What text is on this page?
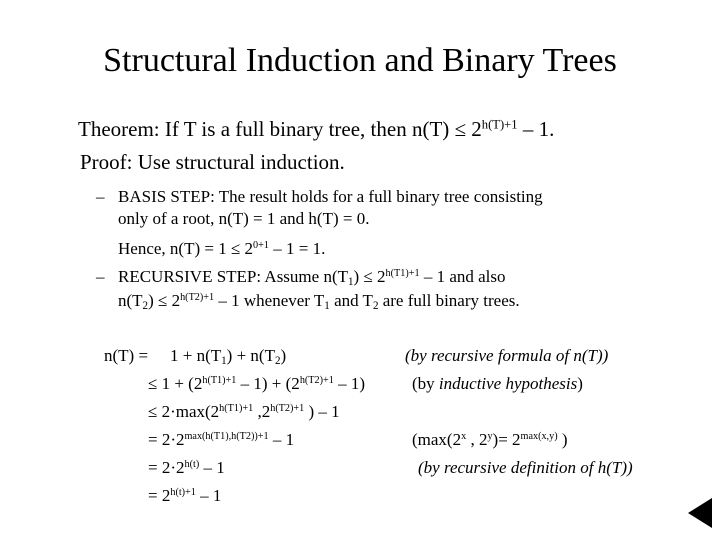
Structural Induction and Binary Trees
Theorem: If T is a full binary tree, then $n(T) \le 2^{h(T)+1} - 1$.
Proof: Use structural induction.
– BASIS STEP: The result holds for a full binary tree consisting
only of a root, n(T) = 1 and h(T) = 0.
Hence, $n(T) = 1 \le 2^{0+1} - 1 = 1$.
– RECURSIVE STEP: Assume $n(T_1) \le 2^{h(T1)+1} - 1$ and also
$n(T_2) \le 2^{h(T2)+1} - 1$ whenever $T_1$ and $T_2$ are full binary trees.
$n(T) = 1 + n(T_1) + n(T_2)$	(by recursive formula of n(T))
≤ $1 + (2^{h(T1)+1} - 1) + (2^{h(T2)+1} - 1)$	(by inductive hypothesis)
≤ $2\cdot\max(2^{h(T1)+1}$ $,2^{h(T2)+1}$ ) – 1
= $2\cdot 2^{max(h(T1),h(T2))+1} - 1$	(max(2$^x$ , $2^y)= 2^{max(x,y)}$ )
= $2\cdot 2^{h(t)} - 1$	(by recursive definition of h(T))
= $2^{h(t)+1} - 1$
